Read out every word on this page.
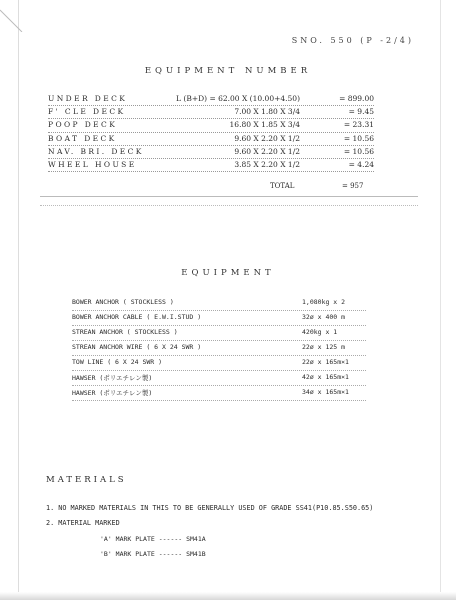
SNO. 550 (P -2/4)
EQUIPMENT NUMBER
UNDER DECK	L (B+D) = 62.00 X (10.00+4.50)	= 899.00
F' CLE DECK	7.00 X 1.80 X 3/4	= 9.45
POOP DECK	16.80 X 1.85 X 3/4	= 23.31
BOAT DECK	9.60 X 2.20 X 1/2	= 10.56
NAV. BRI. DECK	9.60 X 2.20 X 1/2	= 10.56
WHEEL HOUSE	3.85 X 2.20 X 1/2	= 4.24
TOTAL	= 957
EQUIPMENT
BOWER ANCHOR ( STOCKLESS )	1,080kg x 2
BOWER ANCHOR CABLE ( E.W.I.STUD )	32ø x 400 m
STREAN ANCHOR ( STOCKLESS )	420kg x 1
STREAN ANCHOR WIRE ( 6 X 24 SWR )	22ø x 125 m
TOW LINE ( 6 X 24 SWR )	22ø x 165m×1
HAWSER (ポリエチレン製)	42ø x 165m×1
HAWSER (ポリエチレン製)	34ø x 165m×1
MATERIALS
1. NO MARKED MATERIALS IN THIS TO BE GENERALLY USED OF GRADE SS41(P10.85.S50.65)
2. MATERIAL MARKED
'A' MARK PLATE ------ SM41A
'B' MARK PLATE ------ SM41B
